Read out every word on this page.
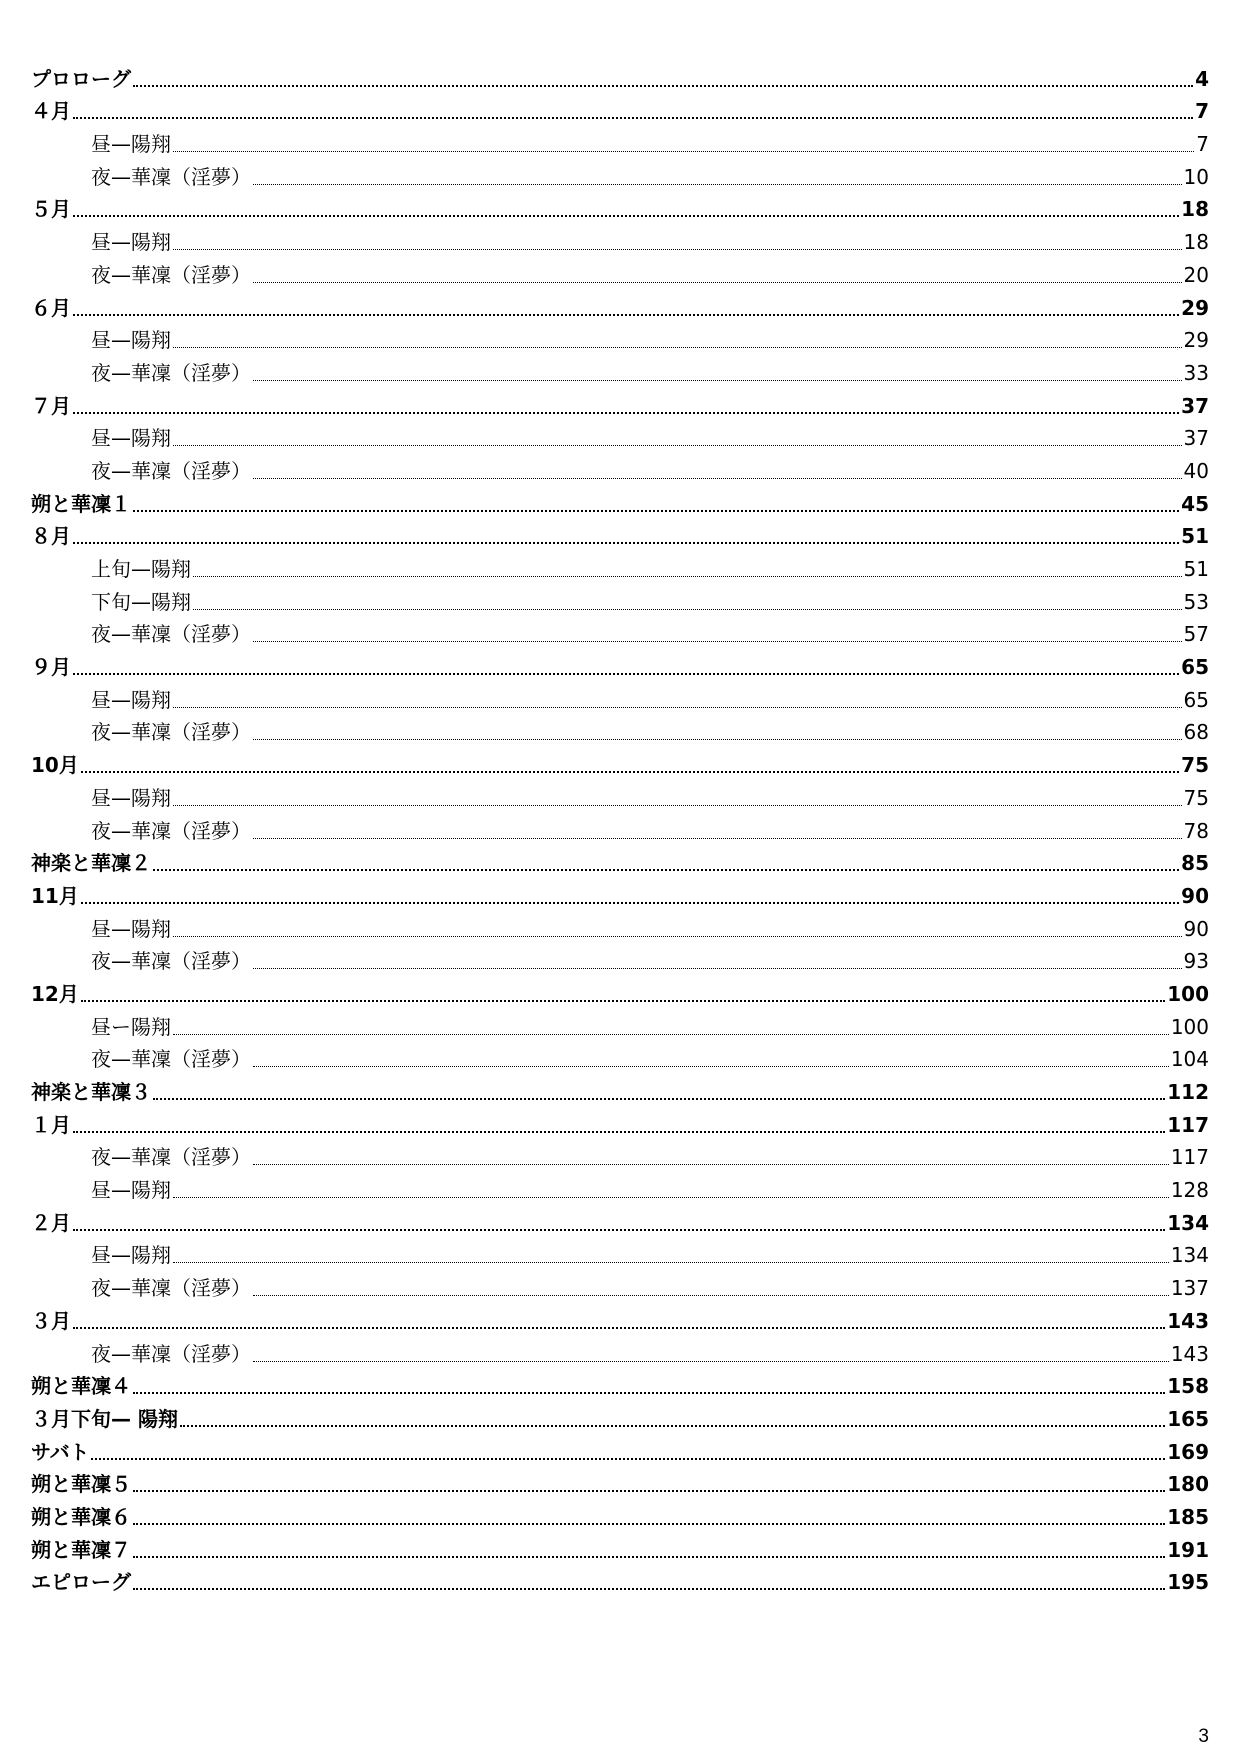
プロローグ	4
４月	7
昼—陽翔	7
夜—華凜（淫夢）	10
５月	18
昼—陽翔	18
夜—華凜（淫夢）	20
６月	29
昼—陽翔	29
夜—華凜（淫夢）	33
７月	37
昼—陽翔	37
夜—華凜（淫夢）	40
朔と華凜１	45
８月	51
上旬—陽翔	51
下旬—陽翔	53
夜—華凜（淫夢）	57
９月	65
昼—陽翔	65
夜—華凜（淫夢）	68
10月	75
昼—陽翔	75
夜—華凜（淫夢）	78
神楽と華凜２	85
11月	90
昼—陽翔	90
夜—華凜（淫夢）	93
12月	100
昼ー陽翔	100
夜—華凜（淫夢）	104
神楽と華凜３	112
１月	117
夜—華凜（淫夢）	117
昼—陽翔	128
２月	134
昼—陽翔	134
夜—華凜（淫夢）	137
３月	143
夜—華凜（淫夢）	143
朔と華凜４	158
３月下旬— 陽翔	165
サバト	169
朔と華凜５	180
朔と華凜６	185
朔と華凜７	191
エピローグ	195
3
